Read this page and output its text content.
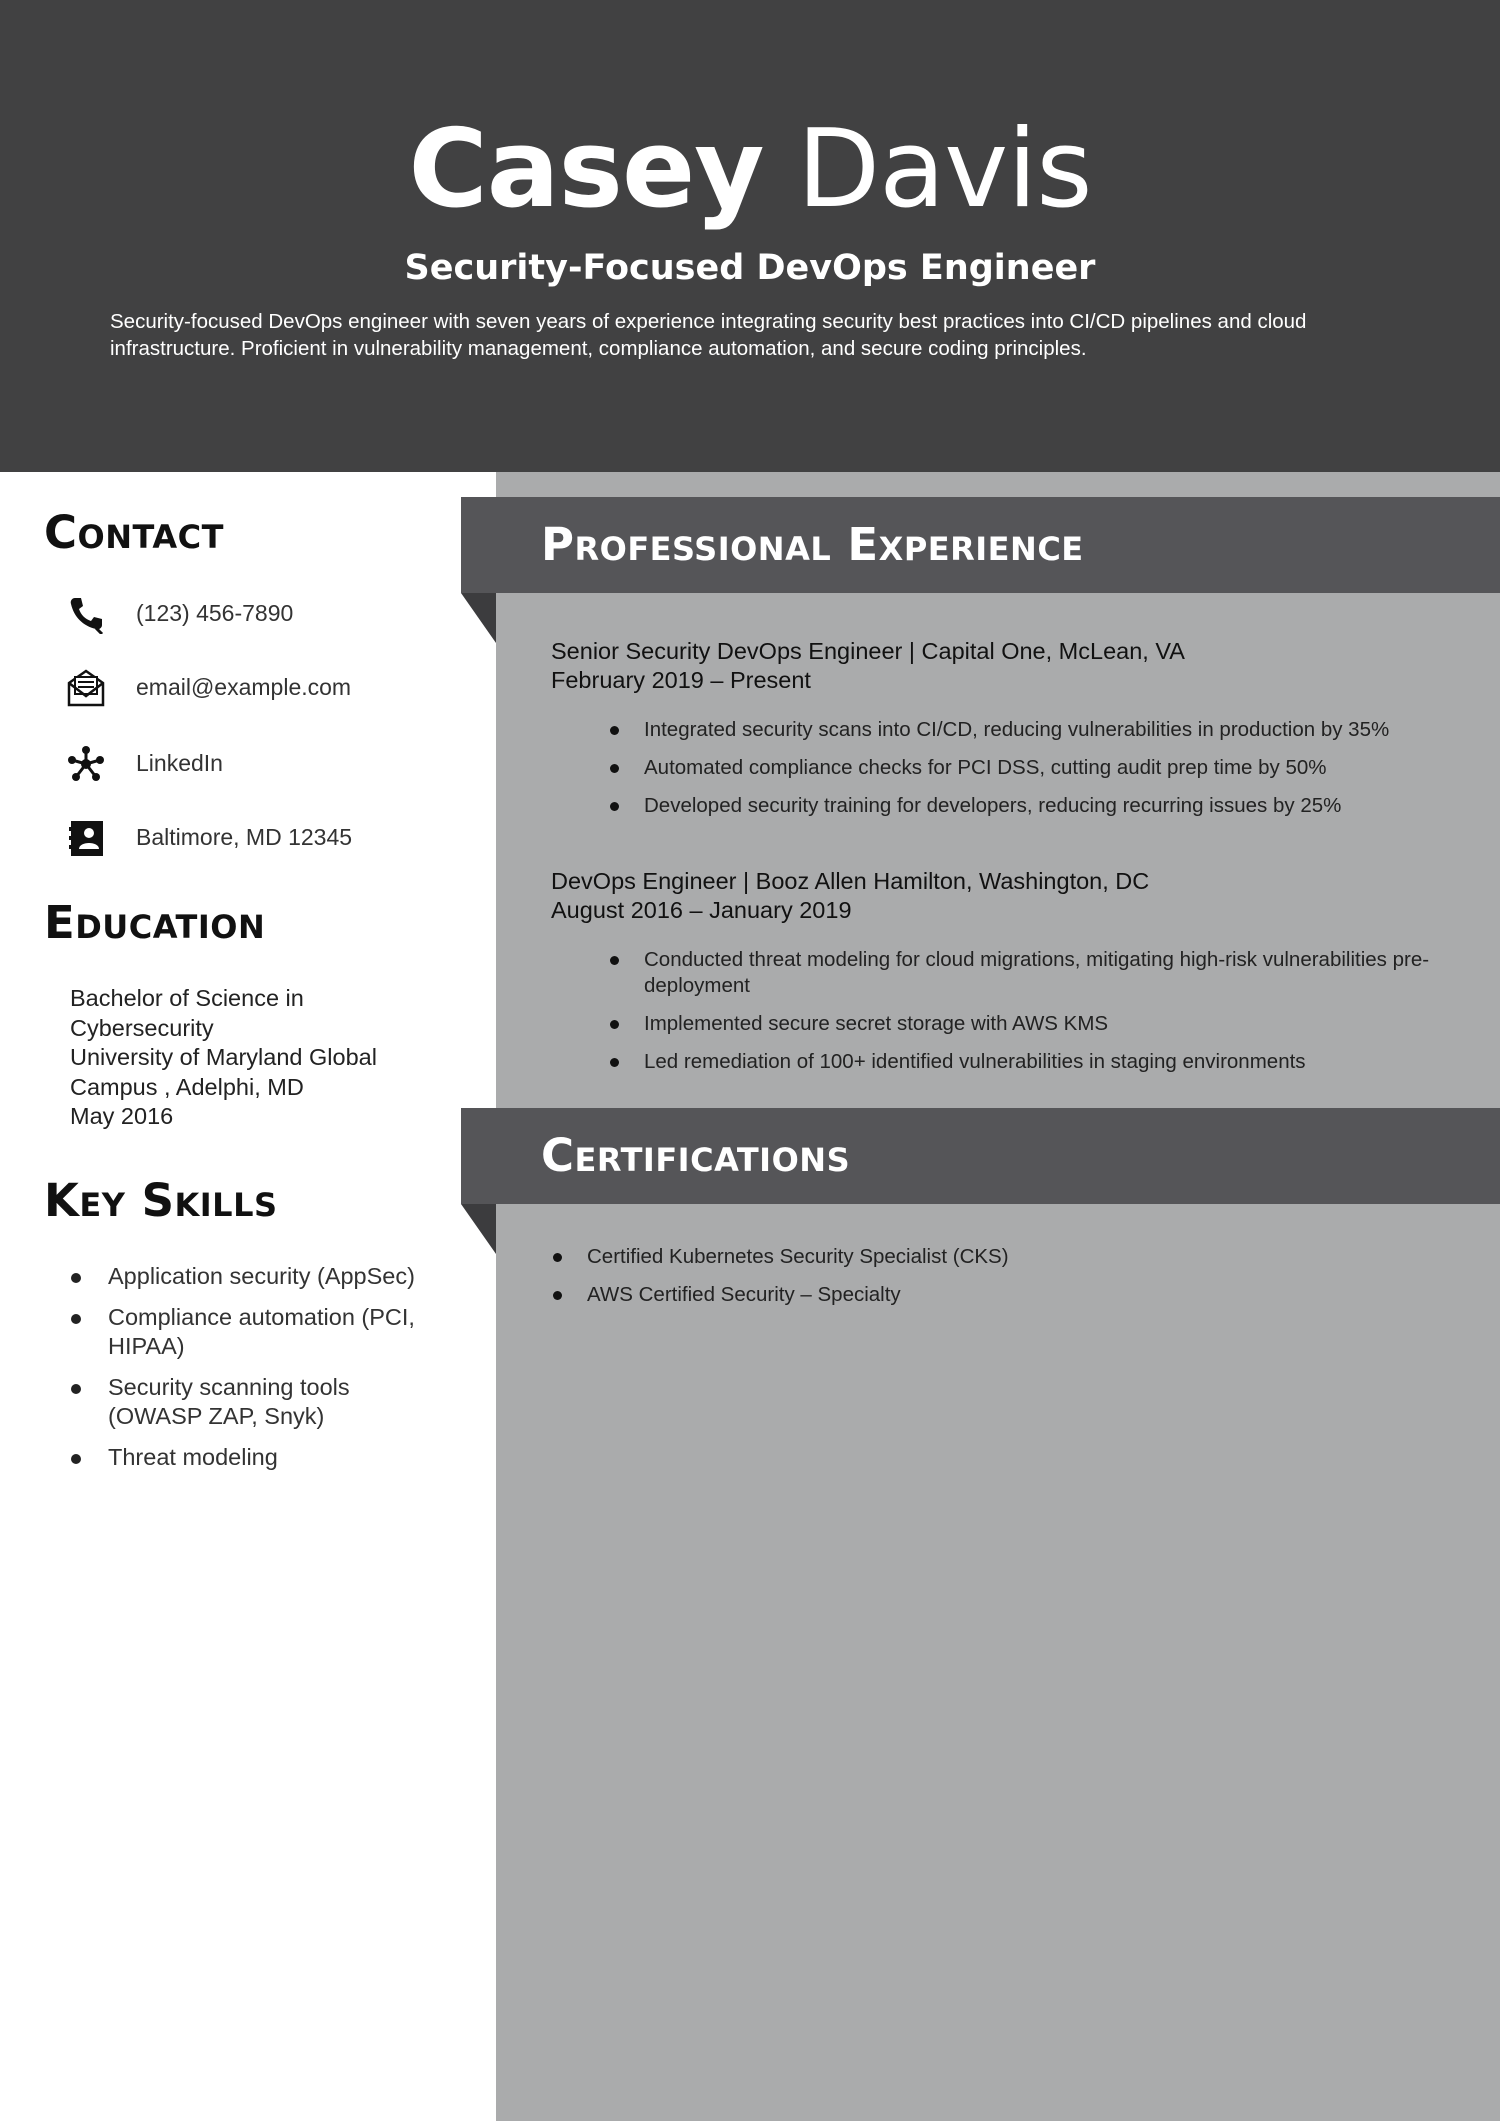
Casey Davis
Security-Focused DevOps Engineer
Security-focused DevOps engineer with seven years of experience integrating security best practices into CI/CD pipelines and cloud infrastructure. Proficient in vulnerability management, compliance automation, and secure coding principles.
Contact
(123) 456-7890
email@example.com
LinkedIn
Baltimore, MD 12345
Education
Bachelor of Science in Cybersecurity
University of Maryland Global Campus , Adelphi, MD
May 2016
Key Skills
Application security (AppSec)
Compliance automation (PCI, HIPAA)
Security scanning tools (OWASP ZAP, Snyk)
Threat modeling
Professional Experience
Senior Security DevOps Engineer | Capital One, McLean, VA
February 2019 – Present
Integrated security scans into CI/CD, reducing vulnerabilities in production by 35%
Automated compliance checks for PCI DSS, cutting audit prep time by 50%
Developed security training for developers, reducing recurring issues by 25%
DevOps Engineer | Booz Allen Hamilton, Washington, DC
August 2016 – January 2019
Conducted threat modeling for cloud migrations, mitigating high-risk vulnerabilities pre-deployment
Implemented secure secret storage with AWS KMS
Led remediation of 100+ identified vulnerabilities in staging environments
Certifications
Certified Kubernetes Security Specialist (CKS)
AWS Certified Security – Specialty
